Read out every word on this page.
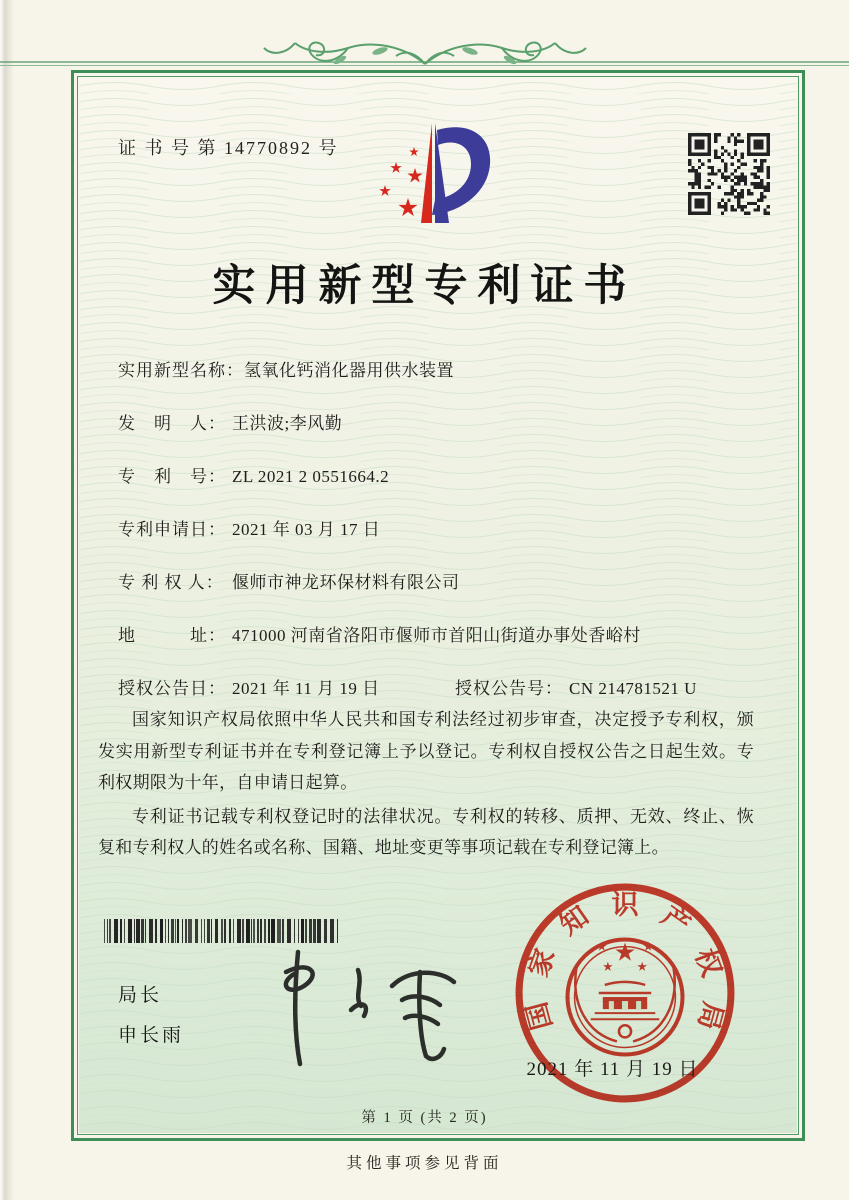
证 书 号 第 14770892 号
实用新型专利证书
实用新型名称：氢氧化钙消化器用供水装置
发　明　人： 王洪波;李风勤
专　利　号： ZL 2021 2 0551664.2
专利申请日： 2021 年 03 月 17 日
专 利 权 人： 偃师市神龙环保材料有限公司
地　　　址： 471000 河南省洛阳市偃师市首阳山街道办事处香峪村
授权公告日： 2021 年 11 月 19 日	授权公告号： CN 214781521 U

国家知识产权局依照中华人民共和国专利法经过初步审查，决定授予专利权，颁发实用新型专利证书并在专利登记簿上予以登记。专利权自授权公告之日起生效。专利权期限为十年，自申请日起算。

专利证书记载专利权登记时的法律状况。专利权的转移、质押、无效、终止、恢复和专利权人的姓名或名称、国籍、地址变更等事项记载在专利登记簿上。

局长
申长雨
国
家
知 识 产
权
局
2021 年 11 月 19 日
第 1 页 (共 2 页)
其他事项参见背面
